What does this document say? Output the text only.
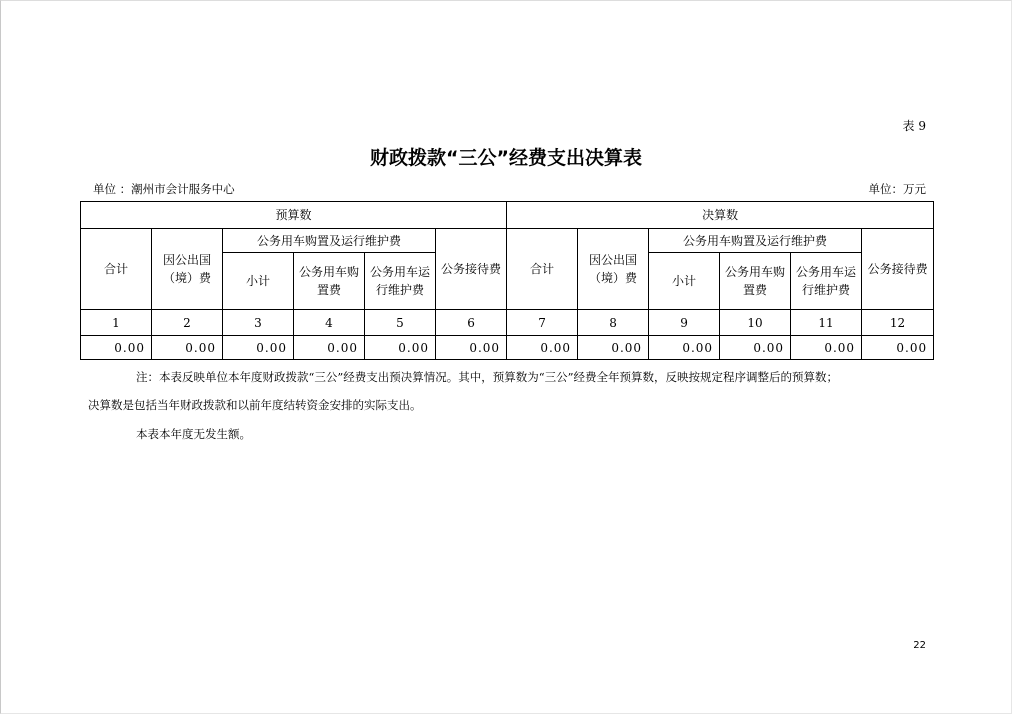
表 9
财政拨款“三公”经费支出决算表
单位 ：潮州市会计服务中心	单位：万元
预算数						决算数					
合计	因公出国（境）费	公务用车购置及运行维护费			公务接待费	合计	因公出国（境）费	公务用车购置及运行维护费			公务接待费
		小计	公务用车购置费	公务用车运行维护费				小计	公务用车购置费	公务用车运行维护费	
1	2	3	4	5	6	7	8	9	10	11	12
0.00	0.00	0.00	0.00	0.00	0.00	0.00	0.00	0.00	0.00	0.00	0.00
注：本表反映单位本年度财政拨款“三公”经费支出预决算情况。其中，预算数为“三公”经费全年预算数，反映按规定程序调整后的预算数；
决算数是包括当年财政拨款和以前年度结转资金安排的实际支出。
本表本年度无发生额。
22
